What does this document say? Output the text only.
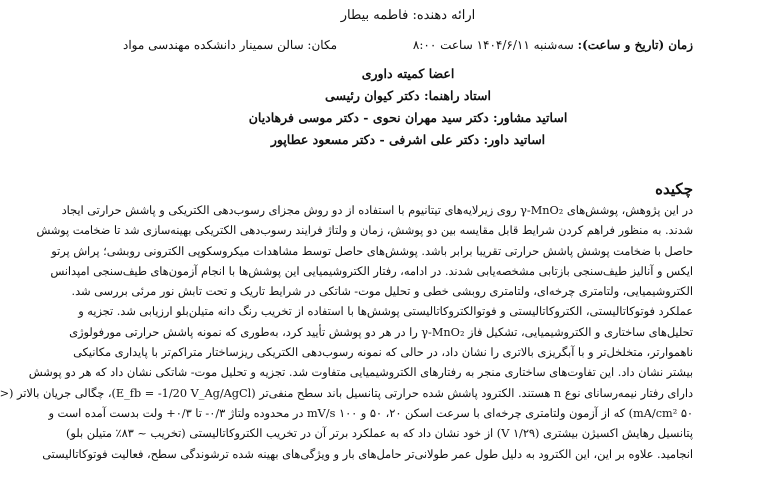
ارائه دهنده: فاطمه بیطار
زمان (تاریخ و ساعت): سه‌شنبه ۱۴۰۴/۶/۱۱ ساعت ۸:۰۰
مکان: سالن سمینار دانشکده مهندسی مواد
اعضا کمیته داوری
استاد راهنما: دکتر کیوان رئیسی
اساتید مشاور: دکتر سید مهران نحوی - دکتر موسی فرهادیان
اساتید داور: دکتر علی اشرفی - دکتر مسعود عطاپور
چکیده
در این پژوهش، پوشش‌های γ-MnO₂ روی زیرلایه‌های تیتانیوم با استفاده از دو روش مجزای رسوب‌دهی الکتریکی و پاشش حرارتی ایجاد
شدند. به منظور فراهم کردن شرایط قابل مقایسه بین دو پوشش، زمان و ولتاژ فرایند رسوب‌دهی الکتریکی بهینه‌سازی شد تا ضخامت پوشش
حاصل با ضخامت پوشش پاشش حرارتی تقریبا برابر باشد. پوشش‌های حاصل توسط مشاهدات میکروسکوپی الکترونی روبشی؛ پراش پرتو
ایکس و آنالیز طیف‌سنجی بازتابی مشخصه‌یابی شدند. در ادامه، رفتار الکتروشیمیایی این پوشش‌ها با انجام آزمون‌های طیف‌سنجی امپدانس
الکتروشیمیایی، ولتامتری چرخه‌ای، ولتامتری روبشی خطی و تحلیل موت- شاتکی در شرایط تاریک و تحت تابش نور مرئی بررسی شد.
عملکرد فوتوکاتالیستی، الکتروکاتالیستی و فوتوالکتروکاتالیستی پوشش‌ها با استفاده از تخریب رنگ دانه متیلن‌بلو ارزیابی شد. تجزیه و
تحلیل‌های ساختاری و الکتروشیمیایی، تشکیل فاز γ-MnO₂ را در هر دو پوشش تأیید کرد، به‌طوری که نمونه پاشش حرارتی مورفولوژی
ناهموارتر، متخلخل‌تر و با آبگریزی بالاتری را نشان داد، در حالی که نمونه رسوب‌دهی الکتریکی ریزساختار متراکم‌تر با پایداری مکانیکی
بیشتر نشان داد. این تفاوت‌های ساختاری منجر به رفتارهای الکتروشیمیایی متفاوت شد. تجزیه و تحلیل موت- شاتکی نشان داد که هر دو پوشش
دارای رفتار نیمه‌رسانای نوع n هستند. الکترود پاشش شده حرارتی پتانسیل باند سطح منفی‌تر (E_fb = -1/20 V_Ag/AgCl)، چگالی جریان بالاتر (<
۵۰ mA/cm²) که از آزمون ولتامتری چرخه‌ای با سرعت اسکن ۲۰، ۵۰ و ۱۰۰ mV/s در محدوده ولتاژ ۰/۳- تا ۰/۳+ ولت بدست آمده است و
پتانسیل رهایش اکسیژن بیشتری (۱/۲۹ V) از خود نشان داد که به عملکرد برتر آن در تخریب الکتروکاتالیستی (تخریب ~ ۸۳٪ متیلن بلو)
انجامید. علاوه بر این، این الکترود به دلیل طول عمر طولانی‌تر حامل‌های بار و ویژگی‌های بهینه شده ترشوندگی سطح، فعالیت فوتوکاتالیستی
